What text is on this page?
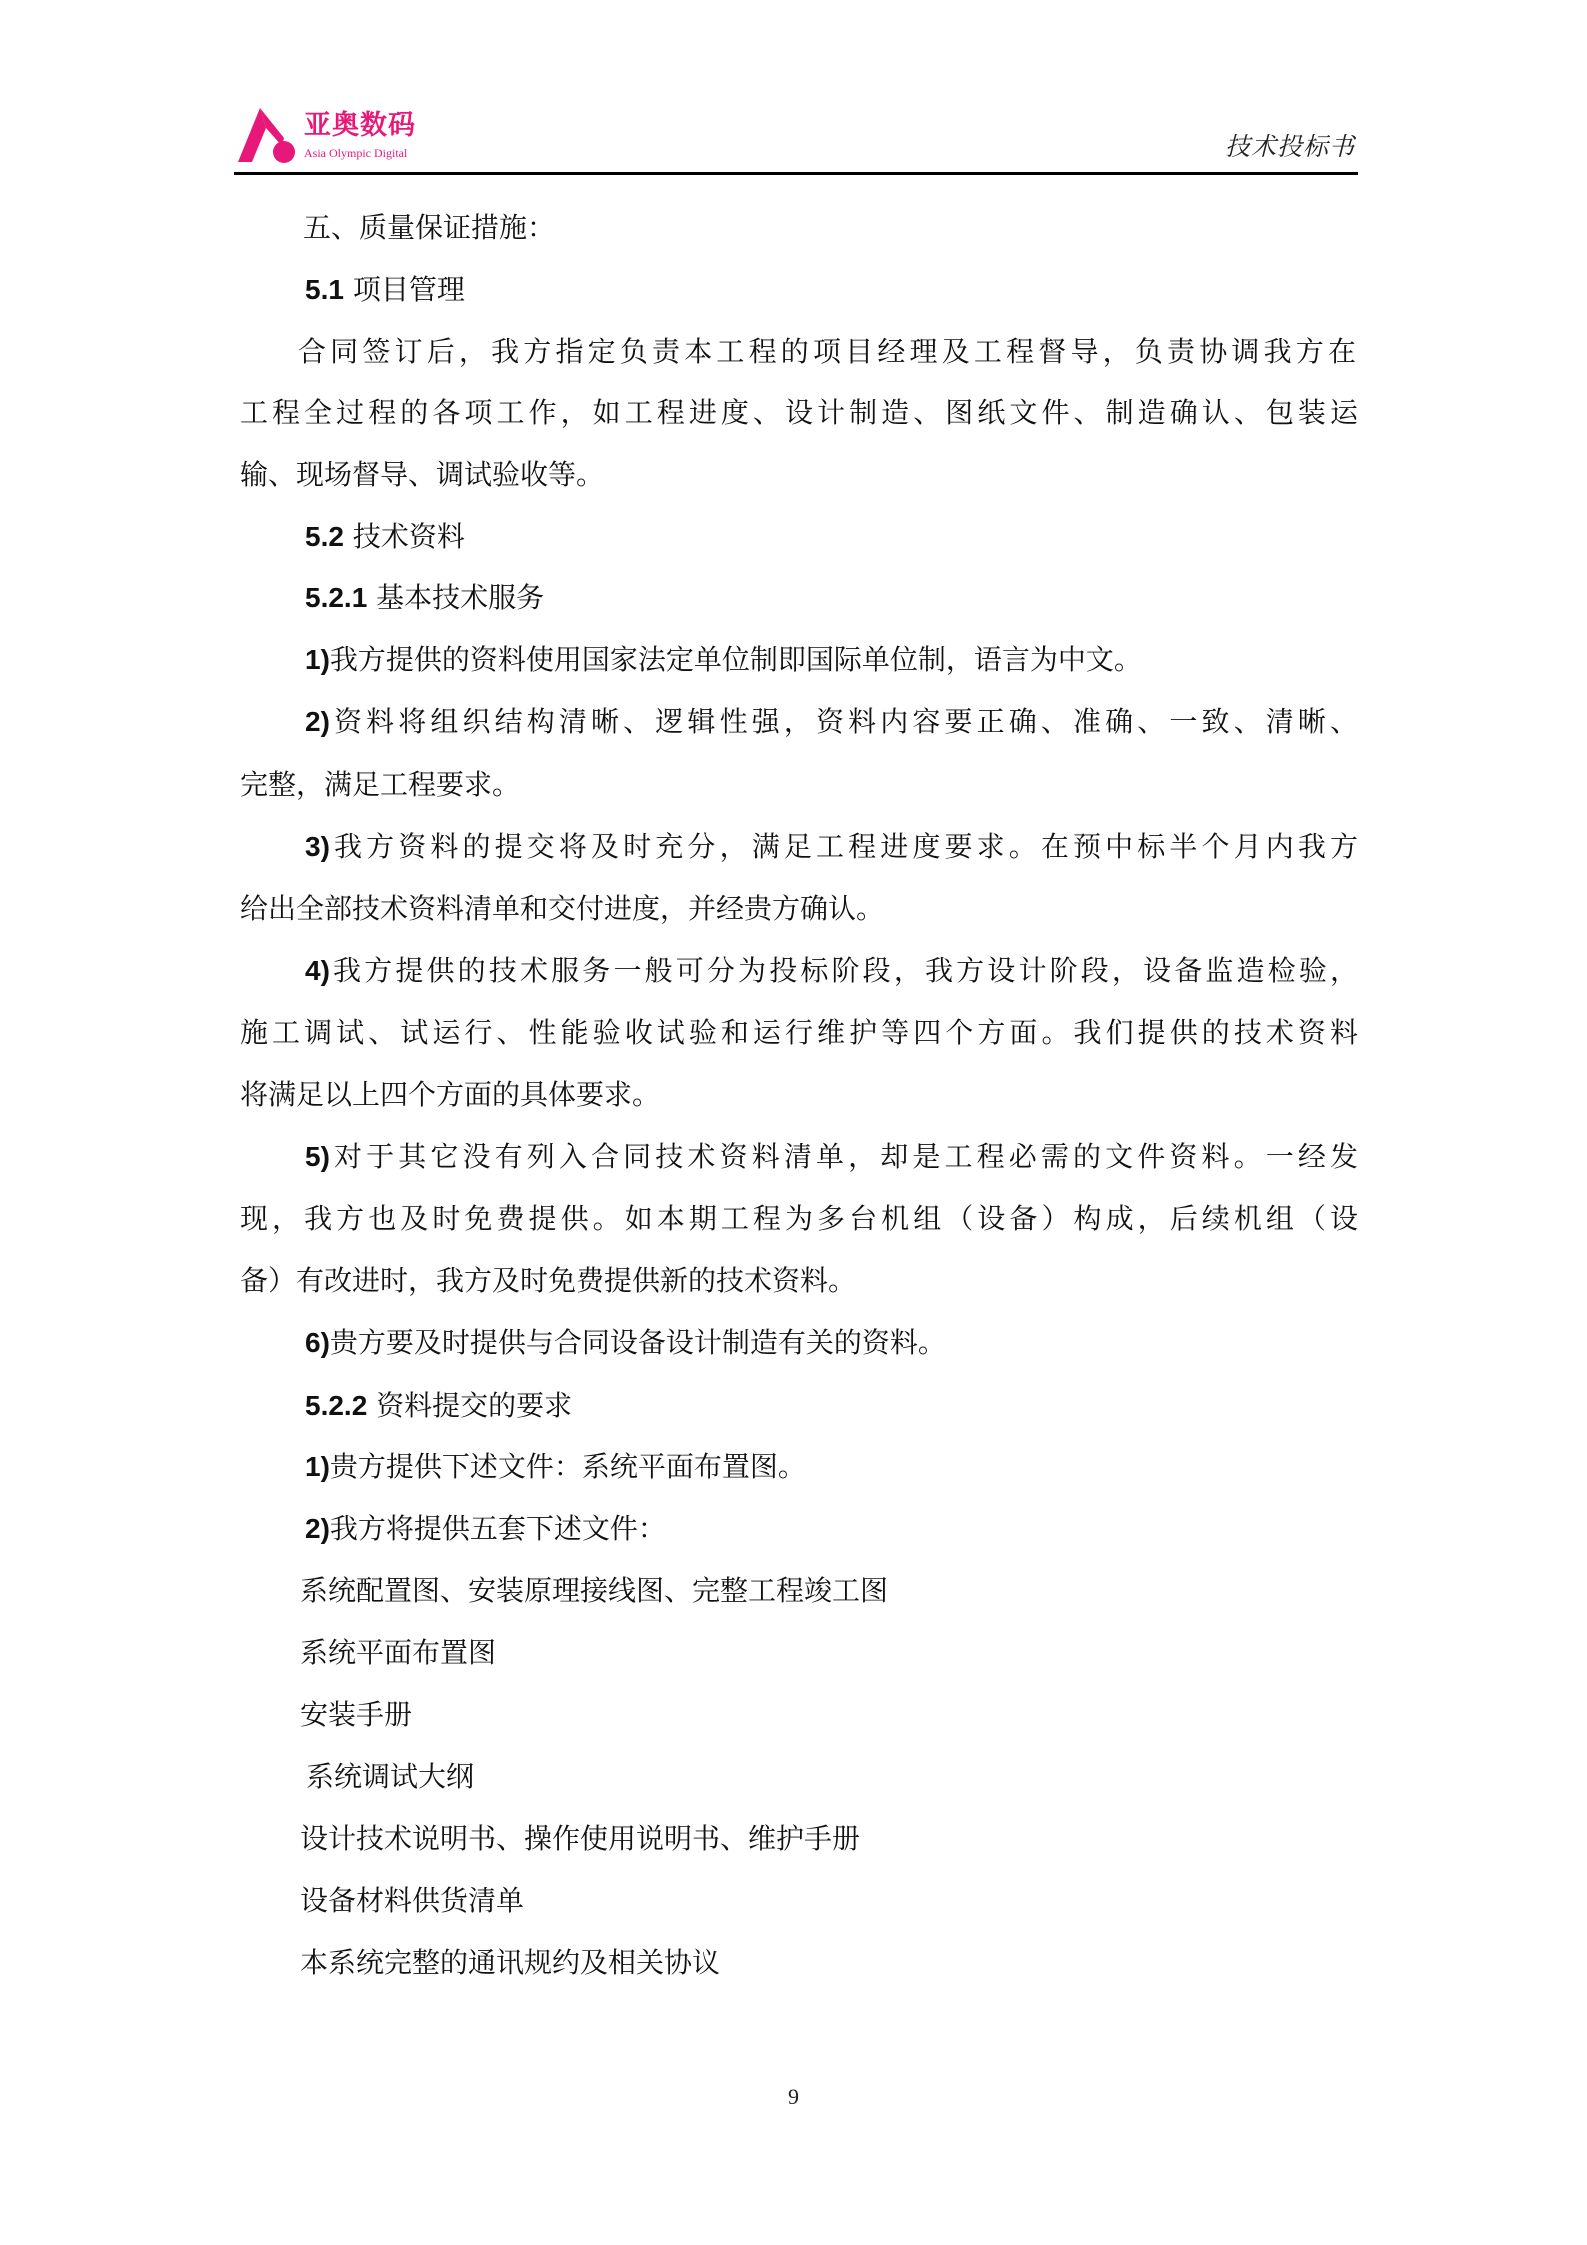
亚奥数码
Asia Olympic Digital	技术投标书
五、质量保证措施：
5.1 项目管理
合同签订后，我方指定负责本工程的项目经理及工程督导，负责协调我方在
工程全过程的各项工作，如工程进度、设计制造、图纸文件、制造确认、包装运
输、现场督导、调试验收等。
5.2 技术资料
5.2.1 基本技术服务
1)我方提供的资料使用国家法定单位制即国际单位制，语言为中文。
2)资料将组织结构清晰、逻辑性强，资料内容要正确、准确、一致、清晰、
完整，满足工程要求。
3)我方资料的提交将及时充分，满足工程进度要求。在预中标半个月内我方
给出全部技术资料清单和交付进度，并经贵方确认。
4)我方提供的技术服务一般可分为投标阶段，我方设计阶段，设备监造检验，
施工调试、试运行、性能验收试验和运行维护等四个方面。我们提供的技术资料
将满足以上四个方面的具体要求。
5)对于其它没有列入合同技术资料清单，却是工程必需的文件资料。一经发
现，我方也及时免费提供。如本期工程为多台机组（设备）构成，后续机组（设
备）有改进时，我方及时免费提供新的技术资料。
6)贵方要及时提供与合同设备设计制造有关的资料。
5.2.2 资料提交的要求
1)贵方提供下述文件：系统平面布置图。
2)我方将提供五套下述文件：
系统配置图、安装原理接线图、完整工程竣工图
系统平面布置图
安装手册
系统调试大纲
设计技术说明书、操作使用说明书、维护手册
设备材料供货清单
本系统完整的通讯规约及相关协议
9
